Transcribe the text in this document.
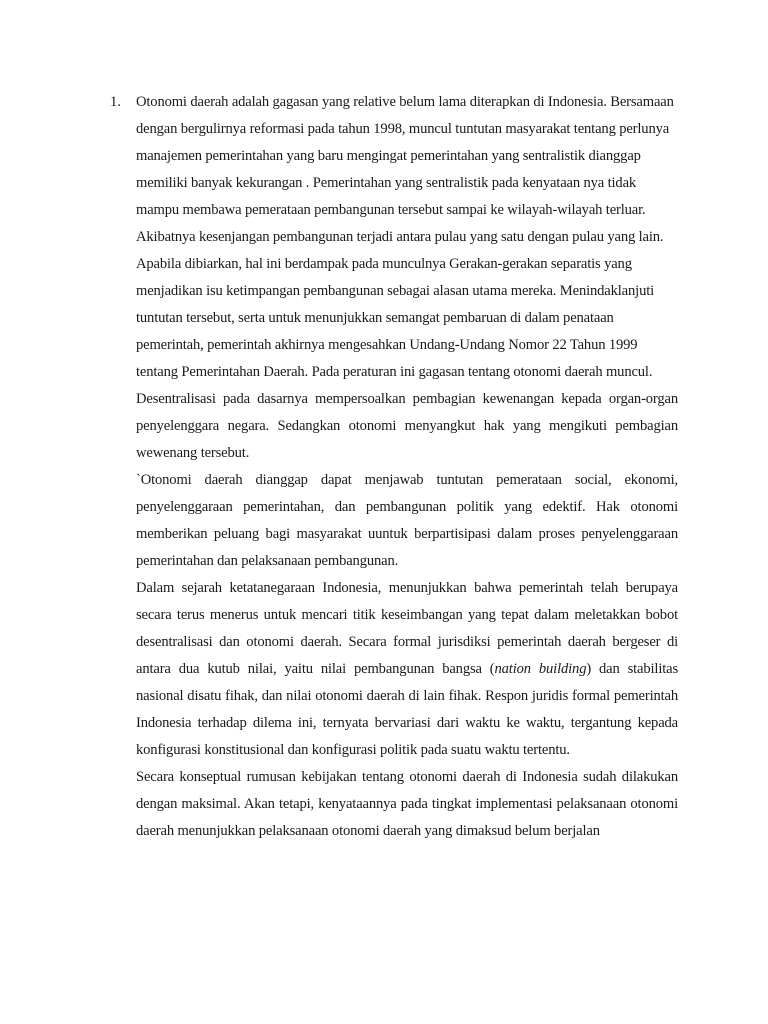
1. Otonomi daerah adalah gagasan yang relative belum lama diterapkan di Indonesia. Bersamaan dengan bergulirnya reformasi pada tahun 1998, muncul tuntutan masyarakat tentang perlunya manajemen pemerintahan yang baru mengingat pemerintahan yang sentralistik dianggap memiliki banyak kekurangan . Pemerintahan yang sentralistik pada kenyataan nya tidak mampu membawa pemerataan pembangunan tersebut sampai ke wilayah-wilayah terluar. Akibatnya kesenjangan pembangunan terjadi antara pulau yang satu dengan pulau yang lain. Apabila dibiarkan, hal ini berdampak pada munculnya Gerakan-gerakan separatis yang menjadikan isu ketimpangan pembangunan sebagai alasan utama mereka. Menindaklanjuti tuntutan tersebut, serta untuk menunjukkan semangat pembaruan di dalam penataan pemerintah, pemerintah akhirnya mengesahkan Undang-Undang Nomor 22 Tahun 1999 tentang Pemerintahan Daerah. Pada peraturan ini gagasan tentang otonomi daerah muncul.

Desentralisasi pada dasarnya mempersoalkan pembagian kewenangan kepada organ-organ penyelenggara negara. Sedangkan otonomi menyangkut hak yang mengikuti pembagian wewenang tersebut.

`Otonomi daerah dianggap dapat menjawab tuntutan pemerataan social, ekonomi, penyelenggaraan pemerintahan, dan pembangunan politik yang edektif. Hak otonomi memberikan peluang bagi masyarakat uuntuk berpartisipasi dalam proses penyelenggaraan pemerintahan dan pelaksanaan pembangunan.

Dalam sejarah ketatanegaraan Indonesia, menunjukkan bahwa pemerintah telah berupaya secara terus menerus untuk mencari titik keseimbangan yang tepat dalam meletakkan bobot desentralisasi dan otonomi daerah. Secara formal jurisdiksi pemerintah daerah bergeser di antara dua kutub nilai, yaitu nilai pembangunan bangsa (nation building) dan stabilitas nasional disatu fihak, dan nilai otonomi daerah di lain fihak. Respon juridis formal pemerintah Indonesia terhadap dilema ini, ternyata bervariasi dari waktu ke waktu, tergantung kepada konfigurasi konstitusional dan konfigurasi politik pada suatu waktu tertentu.

Secara konseptual rumusan kebijakan tentang otonomi daerah di Indonesia sudah dilakukan dengan maksimal. Akan tetapi, kenyataannya pada tingkat implementasi pelaksanaan otonomi daerah menunjukkan pelaksanaan otonomi daerah yang dimaksud belum berjalan
